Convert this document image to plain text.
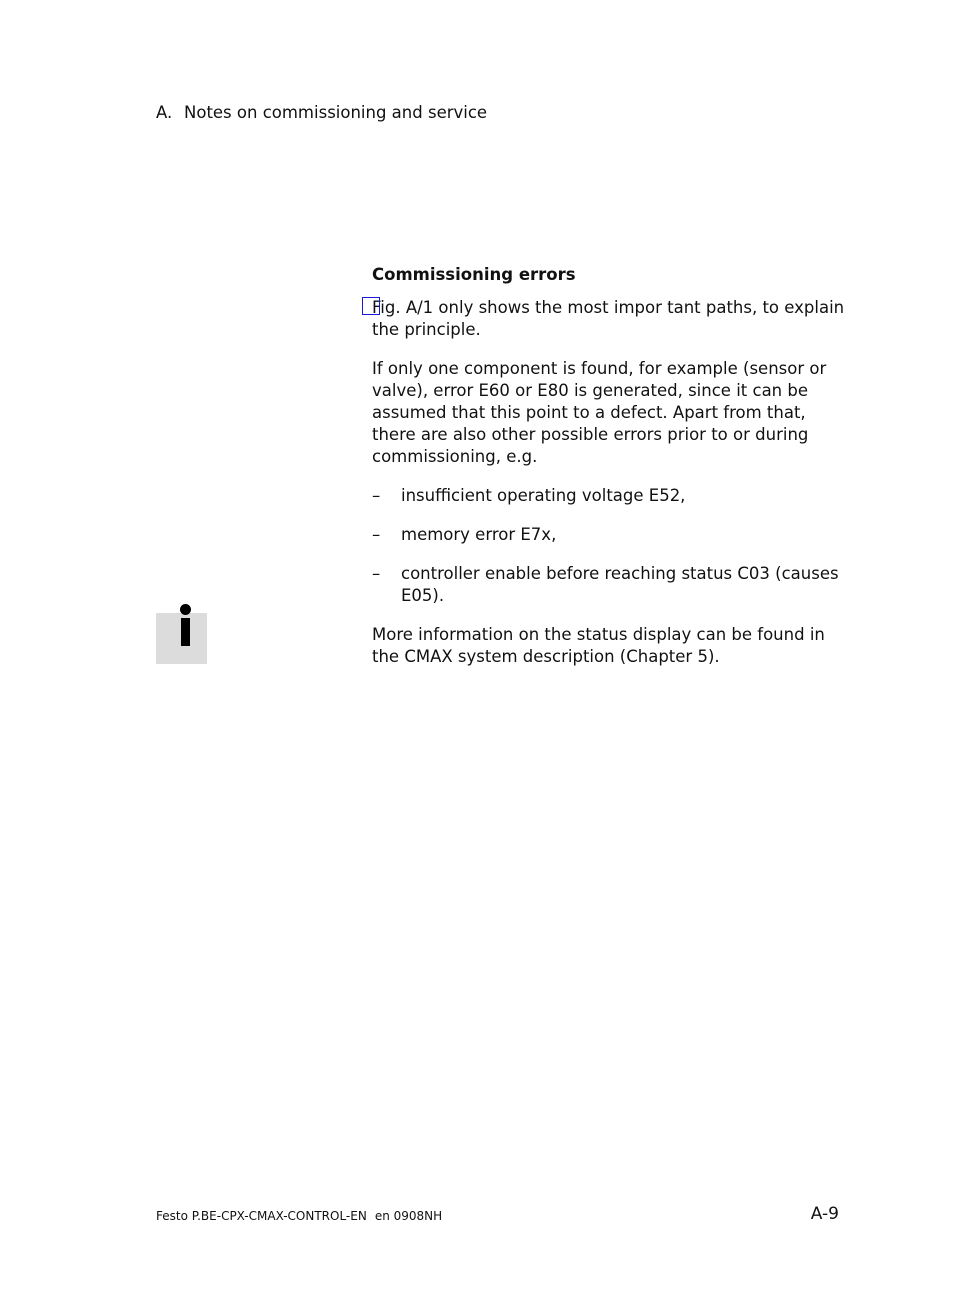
A. Notes on commissioning and service
Commissioning errors

Fig. A/1 only shows the most impor tant paths, to explain the principle.

If only one component is found, for example (sensor or valve), error E60 or E80 is generated, since it can be assumed that this point to a defect. Apart from that, there are also other possible errors prior to or during commissioning, e.g.

– insufficient operating voltage E52,
– memory error E7x,
– controller enable before reaching status C03 (causes E05).

More information on the status display can be found in the CMAX system description (Chapter 5).

Festo P.BE-CPX-CMAX-CONTROL-EN en 0908NH	A-9
